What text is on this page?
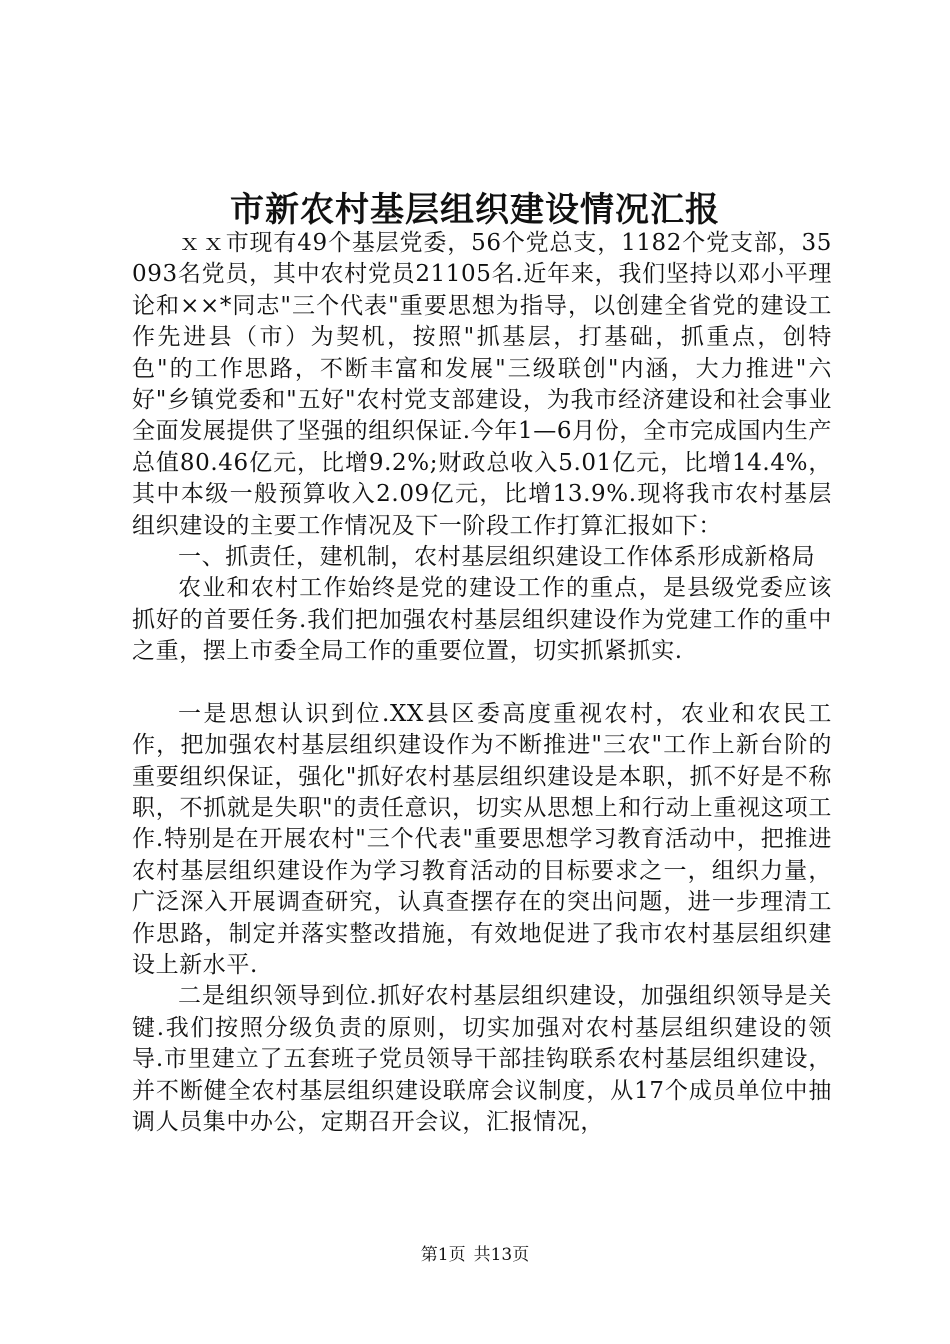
市新农村基层组织建设情况汇报

ｘｘ市现有49个基层党委，56个党总支，1182个党支部，35093名党员，其中农村党员21105名.近年来，我们坚持以邓小平理论和××*同志"三个代表"重要思想为指导，以创建全省党的建设工作先进县（市）为契机，按照"抓基层，打基础，抓重点，创特色"的工作思路，不断丰富和发展"三级联创"内涵，大力推进"六好"乡镇党委和"五好"农村党支部建设，为我市经济建设和社会事业全面发展提供了坚强的组织保证.今年1—6月份，全市完成国内生产总值80.46亿元，比增9.2%;财政总收入5.01亿元，比增14.4%，其中本级一般预算收入2.09亿元，比增13.9%.现将我市农村基层组织建设的主要工作情况及下一阶段工作打算汇报如下：

一、抓责任，建机制，农村基层组织建设工作体系形成新格局

农业和农村工作始终是党的建设工作的重点，是县级党委应该抓好的首要任务.我们把加强农村基层组织建设作为党建工作的重中之重，摆上市委全局工作的重要位置，切实抓紧抓实.

一是思想认识到位.XX县区委高度重视农村，农业和农民工作，把加强农村基层组织建设作为不断推进"三农"工作上新台阶的重要组织保证，强化"抓好农村基层组织建设是本职，抓不好是不称职，不抓就是失职"的责任意识，切实从思想上和行动上重视这项工作.特别是在开展农村"三个代表"重要思想学习教育活动中，把推进农村基层组织建设作为学习教育活动的目标要求之一，组织力量，广泛深入开展调查研究，认真查摆存在的突出问题，进一步理清工作思路，制定并落实整改措施，有效地促进了我市农村基层组织建设上新水平.

二是组织领导到位.抓好农村基层组织建设，加强组织领导是关键.我们按照分级负责的原则，切实加强对农村基层组织建设的领导.市里建立了五套班子党员领导干部挂钩联系农村基层组织建设，并不断健全农村基层组织建设联席会议制度，从17个成员单位中抽调人员集中办公，定期召开会议，汇报情况，

第1页 共13页
